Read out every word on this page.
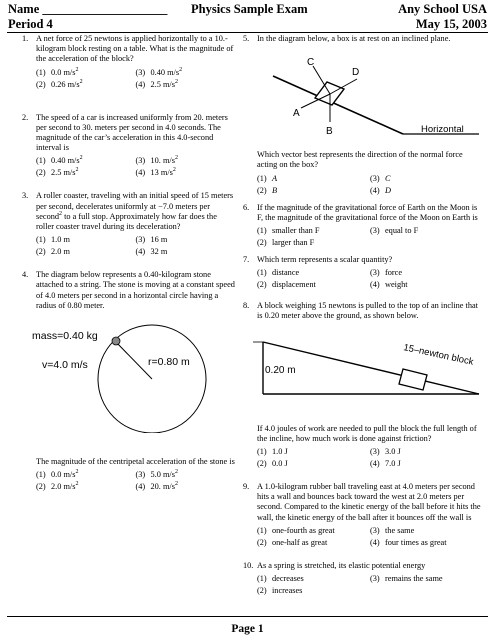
Name ____________________ Physics Sample Exam	Any School USA
Period 4	May 15, 2003
1. A net force of 25 newtons is applied horizontally to a 10.-kilogram block resting on a table. What is the magnitude of the acceleration of the block?
(1) 0.0 $m/s^2$	(3) 0.40 $m/s^2$
(2) 0.26 $m/s^2$	(4) 2.5 $m/s^2$
2. The speed of a car is increased uniformly from 20. meters per second to 30. meters per second in 4.0 seconds. The magnitude of the car’s acceleration in this 4.0-second interval is
(1) 0.40 $m/s^2$	(3) 10. $m/s^2$
(2) 2.5 $m/s^2$	(4) 13 $m/s^2$
3. A roller coaster, traveling with an initial speed of 15 meters per second, decelerates uniformly at −7.0 meters per second$^2$ to a full stop. Approximately how far does the roller coaster travel during its deceleration?
(1) 1.0 m	(3) 16 m
(2) 2.0 m	(4) 32 m
4. The diagram below represents a 0.40-kilogram stone attached to a string. The stone is moving at a constant speed of 4.0 meters per second in a horizontal circle having a radius of 0.80 meter.
mass=0.40 kg
r=0.80 m
v=4.0 m/s
The magnitude of the centripetal acceleration of the stone is
(1) 0.0 $m/s^2$	(3) 5.0 $m/s^2$
(2) 2.0 $m/s^2$	(4) 20. $m/s^2$
5. In the diagram below, a box is at rest on an inclined plane.
C
D
A
B	Horizontal
Which vector best represents the direction of the normal force acting on the box?
(1) A	(3) C
(2) B	(4) D
6. If the magnitude of the gravitational force of Earth on the Moon is F, the magnitude of the gravitational force of the Moon on Earth is
(1) smaller than F	(3) equal to F
(2) larger than F
7. Which term represents a scalar quantity?
(1) distance	(3) force
(2) displacement	(4) weight
8. A block weighing 15 newtons is pulled to the top of an incline that is 0.20 meter above the ground, as shown below.
0.20 m
15–newton block
If 4.0 joules of work are needed to pull the block the full length of the incline, how much work is done against friction?
(1) 1.0 J	(3) 3.0 J
(2) 0.0 J	(4) 7.0 J
9. A 1.0-kilogram rubber ball traveling east at 4.0 meters per second hits a wall and bounces back toward the west at 2.0 meters per second. Compared to the kinetic energy of the ball before it hits the wall, the kinetic energy of the ball after it bounces off the wall is
(1) one-fourth as great	(3) the same
(2) one-half as great	(4) four times as great
10. As a spring is stretched, its elastic potential energy
(1) decreases	(3) remains the same
(2) increases
Page 1
